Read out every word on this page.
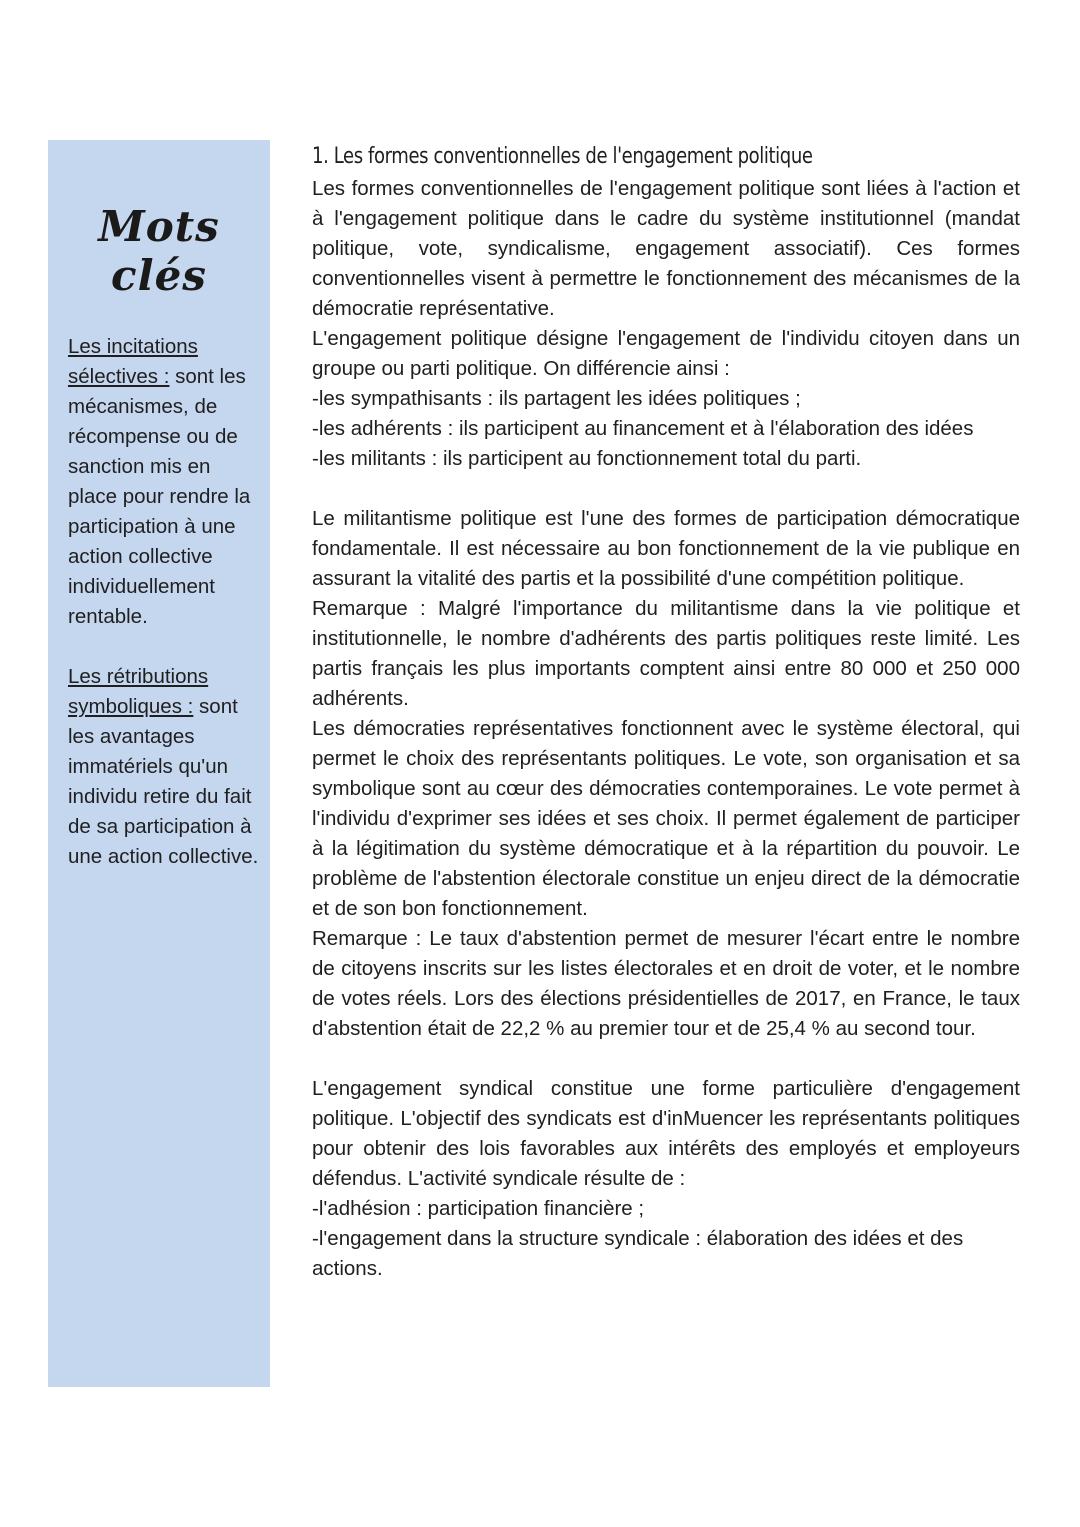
Mots clés

Les incitations sélectives : sont les mécanismes, de récompense ou de sanction mis en place pour rendre la participation à une action collective individuellement rentable.

Les rétributions symboliques : sont les avantages immatériels qu'un individu retire du fait de sa participation à une action collective.

1. Les formes conventionnelles de l'engagement politique

Les formes conventionnelles de l'engagement politique sont liées à l'action et à l'engagement politique dans le cadre du système institutionnel (mandat politique, vote, syndicalisme, engagement associatif). Ces formes conventionnelles visent à permettre le fonctionnement des mécanismes de la démocratie représentative.

L'engagement politique désigne l'engagement de l'individu citoyen dans un groupe ou parti politique. On différencie ainsi :

-les sympathisants : ils partagent les idées politiques ;

-les adhérents : ils participent au financement et à l'élaboration des idées

-les militants : ils participent au fonctionnement total du parti.

Le militantisme politique est l'une des formes de participation démocratique fondamentale. Il est nécessaire au bon fonctionnement de la vie publique en assurant la vitalité des partis et la possibilité d'une compétition politique.

Remarque : Malgré l'importance du militantisme dans la vie politique et institutionnelle, le nombre d'adhérents des partis politiques reste limité. Les partis français les plus importants comptent ainsi entre 80 000 et 250 000 adhérents.

Les démocraties représentatives fonctionnent avec le système électoral, qui permet le choix des représentants politiques. Le vote, son organisation et sa symbolique sont au cœur des démocraties contemporaines. Le vote permet à l'individu d'exprimer ses idées et ses choix. Il permet également de participer à la légitimation du système démocratique et à la répartition du pouvoir. Le problème de l'abstention électorale constitue un enjeu direct de la démocratie et de son bon fonctionnement.

Remarque : Le taux d'abstention permet de mesurer l'écart entre le nombre de citoyens inscrits sur les listes électorales et en droit de voter, et le nombre de votes réels. Lors des élections présidentielles de 2017, en France, le taux d'abstention était de 22,2 % au premier tour et de 25,4 % au second tour.

L'engagement syndical constitue une forme particulière d'engagement politique. L'objectif des syndicats est d'inMuencer les représentants politiques pour obtenir des lois favorables aux intérêts des employés et employeurs défendus. L'activité syndicale résulte de :

-l'adhésion : participation financière ;

-l'engagement dans la structure syndicale : élaboration des idées et des actions.
